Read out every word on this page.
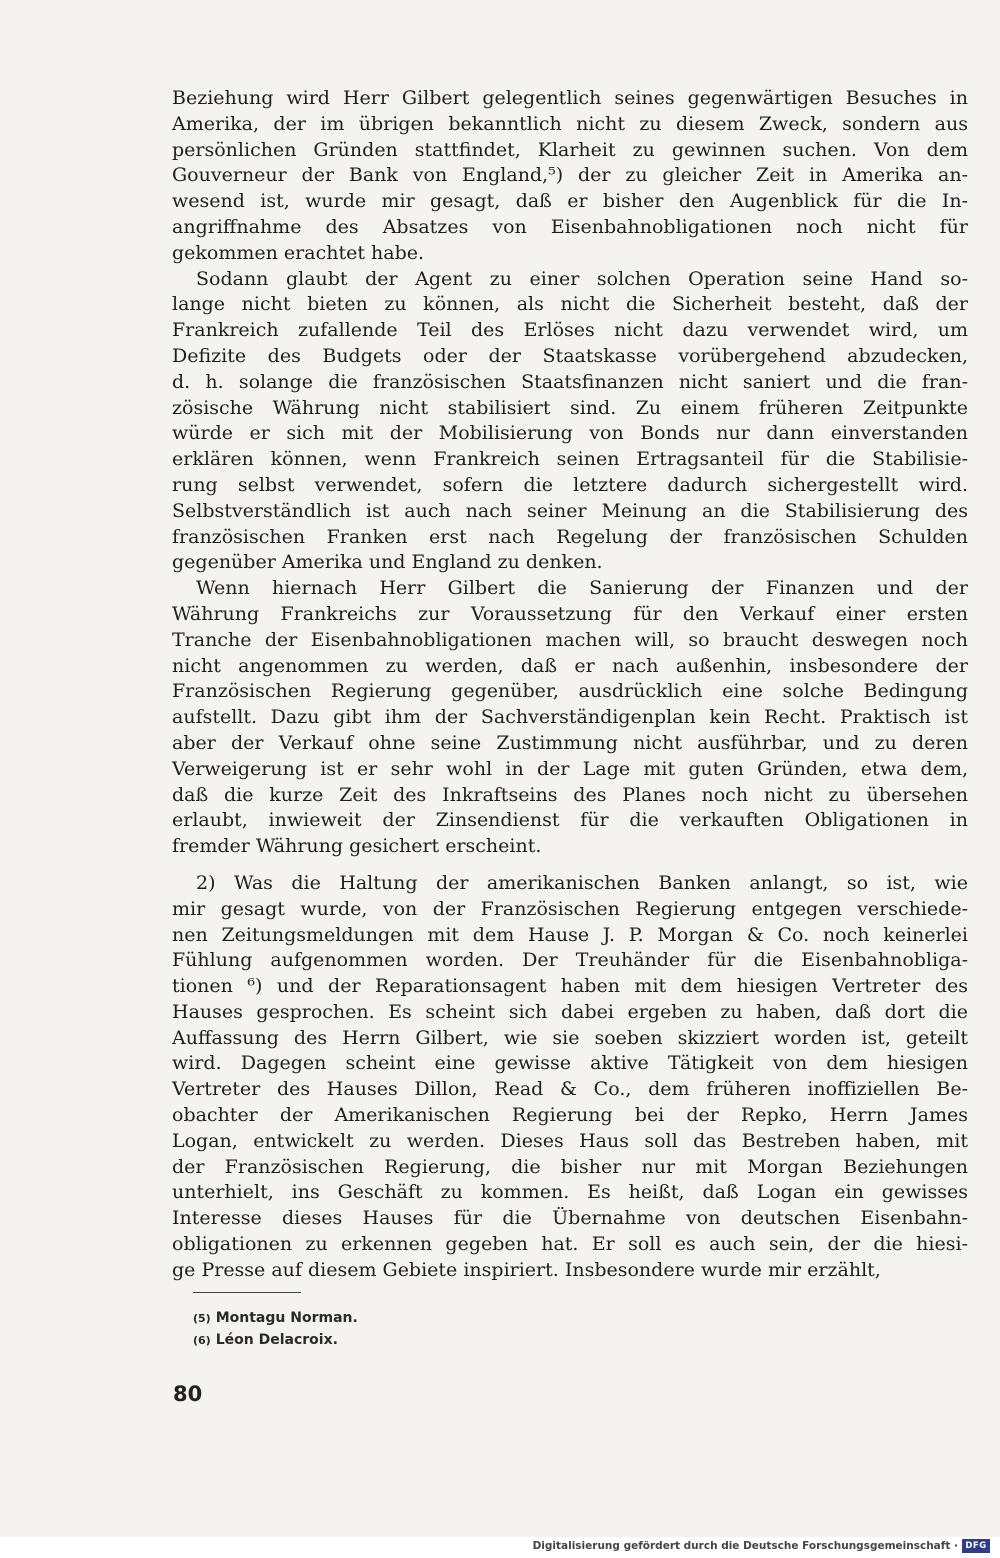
Beziehung wird Herr Gilbert gelegentlich seines gegenwärtigen Besuches in
Amerika, der im übrigen bekanntlich nicht zu diesem Zweck, sondern aus
persönlichen Gründen stattfindet, Klarheit zu gewinnen suchen. Von dem
Gouverneur der Bank von England,⁵) der zu gleicher Zeit in Amerika an-
wesend ist, wurde mir gesagt, daß er bisher den Augenblick für die In-
angriffnahme des Absatzes von Eisenbahnobligationen noch nicht für
gekommen erachtet habe.
Sodann glaubt der Agent zu einer solchen Operation seine Hand so-
lange nicht bieten zu können, als nicht die Sicherheit besteht, daß der
Frankreich zufallende Teil des Erlöses nicht dazu verwendet wird, um
Defizite des Budgets oder der Staatskasse vorübergehend abzudecken,
d. h. solange die französischen Staatsfinanzen nicht saniert und die fran-
zösische Währung nicht stabilisiert sind. Zu einem früheren Zeitpunkte
würde er sich mit der Mobilisierung von Bonds nur dann einverstanden
erklären können, wenn Frankreich seinen Ertragsanteil für die Stabilisie-
rung selbst verwendet, sofern die letztere dadurch sichergestellt wird.
Selbstverständlich ist auch nach seiner Meinung an die Stabilisierung des
französischen Franken erst nach Regelung der französischen Schulden
gegenüber Amerika und England zu denken.
Wenn hiernach Herr Gilbert die Sanierung der Finanzen und der
Währung Frankreichs zur Voraussetzung für den Verkauf einer ersten
Tranche der Eisenbahnobligationen machen will, so braucht deswegen noch
nicht angenommen zu werden, daß er nach außenhin, insbesondere der
Französischen Regierung gegenüber, ausdrücklich eine solche Bedingung
aufstellt. Dazu gibt ihm der Sachverständigenplan kein Recht. Praktisch ist
aber der Verkauf ohne seine Zustimmung nicht ausführbar, und zu deren
Verweigerung ist er sehr wohl in der Lage mit guten Gründen, etwa dem,
daß die kurze Zeit des Inkraftseins des Planes noch nicht zu übersehen
erlaubt, inwieweit der Zinsendienst für die verkauften Obligationen in
fremder Währung gesichert erscheint.
2) Was die Haltung der amerikanischen Banken anlangt, so ist, wie
mir gesagt wurde, von der Französischen Regierung entgegen verschiede-
nen Zeitungsmeldungen mit dem Hause J. P. Morgan & Co. noch keinerlei
Fühlung aufgenommen worden. Der Treuhänder für die Eisenbahnobliga-
tionen ⁶) und der Reparationsagent haben mit dem hiesigen Vertreter des
Hauses gesprochen. Es scheint sich dabei ergeben zu haben, daß dort die
Auffassung des Herrn Gilbert, wie sie soeben skizziert worden ist, geteilt
wird. Dagegen scheint eine gewisse aktive Tätigkeit von dem hiesigen
Vertreter des Hauses Dillon, Read & Co., dem früheren inoffiziellen Be-
obachter der Amerikanischen Regierung bei der Repko, Herrn James
Logan, entwickelt zu werden. Dieses Haus soll das Bestreben haben, mit
der Französischen Regierung, die bisher nur mit Morgan Beziehungen
unterhielt, ins Geschäft zu kommen. Es heißt, daß Logan ein gewisses
Interesse dieses Hauses für die Übernahme von deutschen Eisenbahn-
obligationen zu erkennen gegeben hat. Er soll es auch sein, der die hiesi-
ge Presse auf diesem Gebiete inspiriert. Insbesondere wurde mir erzählt,
(5) Montagu Norman.
(6) Léon Delacroix.
80
Digitalisierung gefördert durch die Deutsche Forschungsgemeinschaft · DFG
